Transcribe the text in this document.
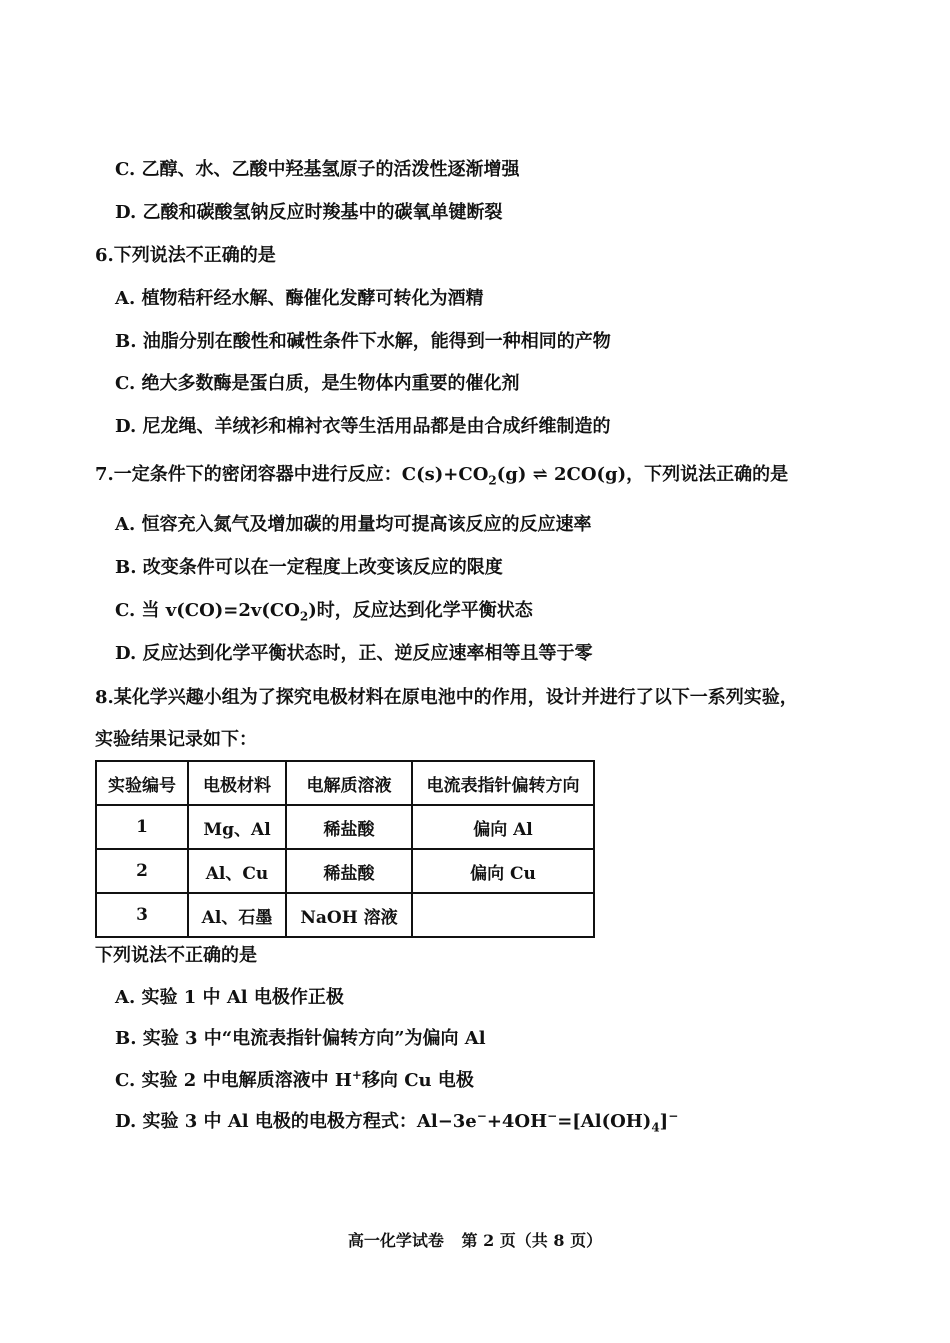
C. 乙醇、水、乙酸中羟基氢原子的活泼性逐渐增强
D. 乙酸和碳酸氢钠反应时羧基中的碳氧单键断裂
6.下列说法不正确的是
A. 植物秸秆经水解、酶催化发酵可转化为酒精
B. 油脂分别在酸性和碱性条件下水解，能得到一种相同的产物
C. 绝大多数酶是蛋白质，是生物体内重要的催化剂
D. 尼龙绳、羊绒衫和棉衬衣等生活用品都是由合成纤维制造的
7.一定条件下的密闭容器中进行反应：$C(s)+CO_2(g)$ ⇌ 2CO(g)，下列说法正确的是
A. 恒容充入氮气及增加碳的用量均可提高该反应的反应速率
B. 改变条件可以在一定程度上改变该反应的限度
C. 当 $v(CO)=2v(CO_2)$时，反应达到化学平衡状态
D. 反应达到化学平衡状态时，正、逆反应速率相等且等于零
8.某化学兴趣小组为了探究电极材料在原电池中的作用，设计并进行了以下一系列实验，
实验结果记录如下：
实验编号	电极材料	电解质溶液	电流表指针偏转方向
1	Mg、Al	稀盐酸	偏向 Al
2	Al、Cu	稀盐酸	偏向 Cu
3	Al、石墨	NaOH 溶液	
下列说法不正确的是
A. 实验 1 中 Al 电极作正极
B. 实验 3 中“电流表指针偏转方向”为偏向 Al
C. 实验 2 中电解质溶液中 H+移向 Cu 电极
D. 实验 3 中 Al 电极的电极方程式：$Al-3e^-+4OH^-=[Al(OH)_4]^-$
高一化学试卷 第 2 页（共 8 页）
